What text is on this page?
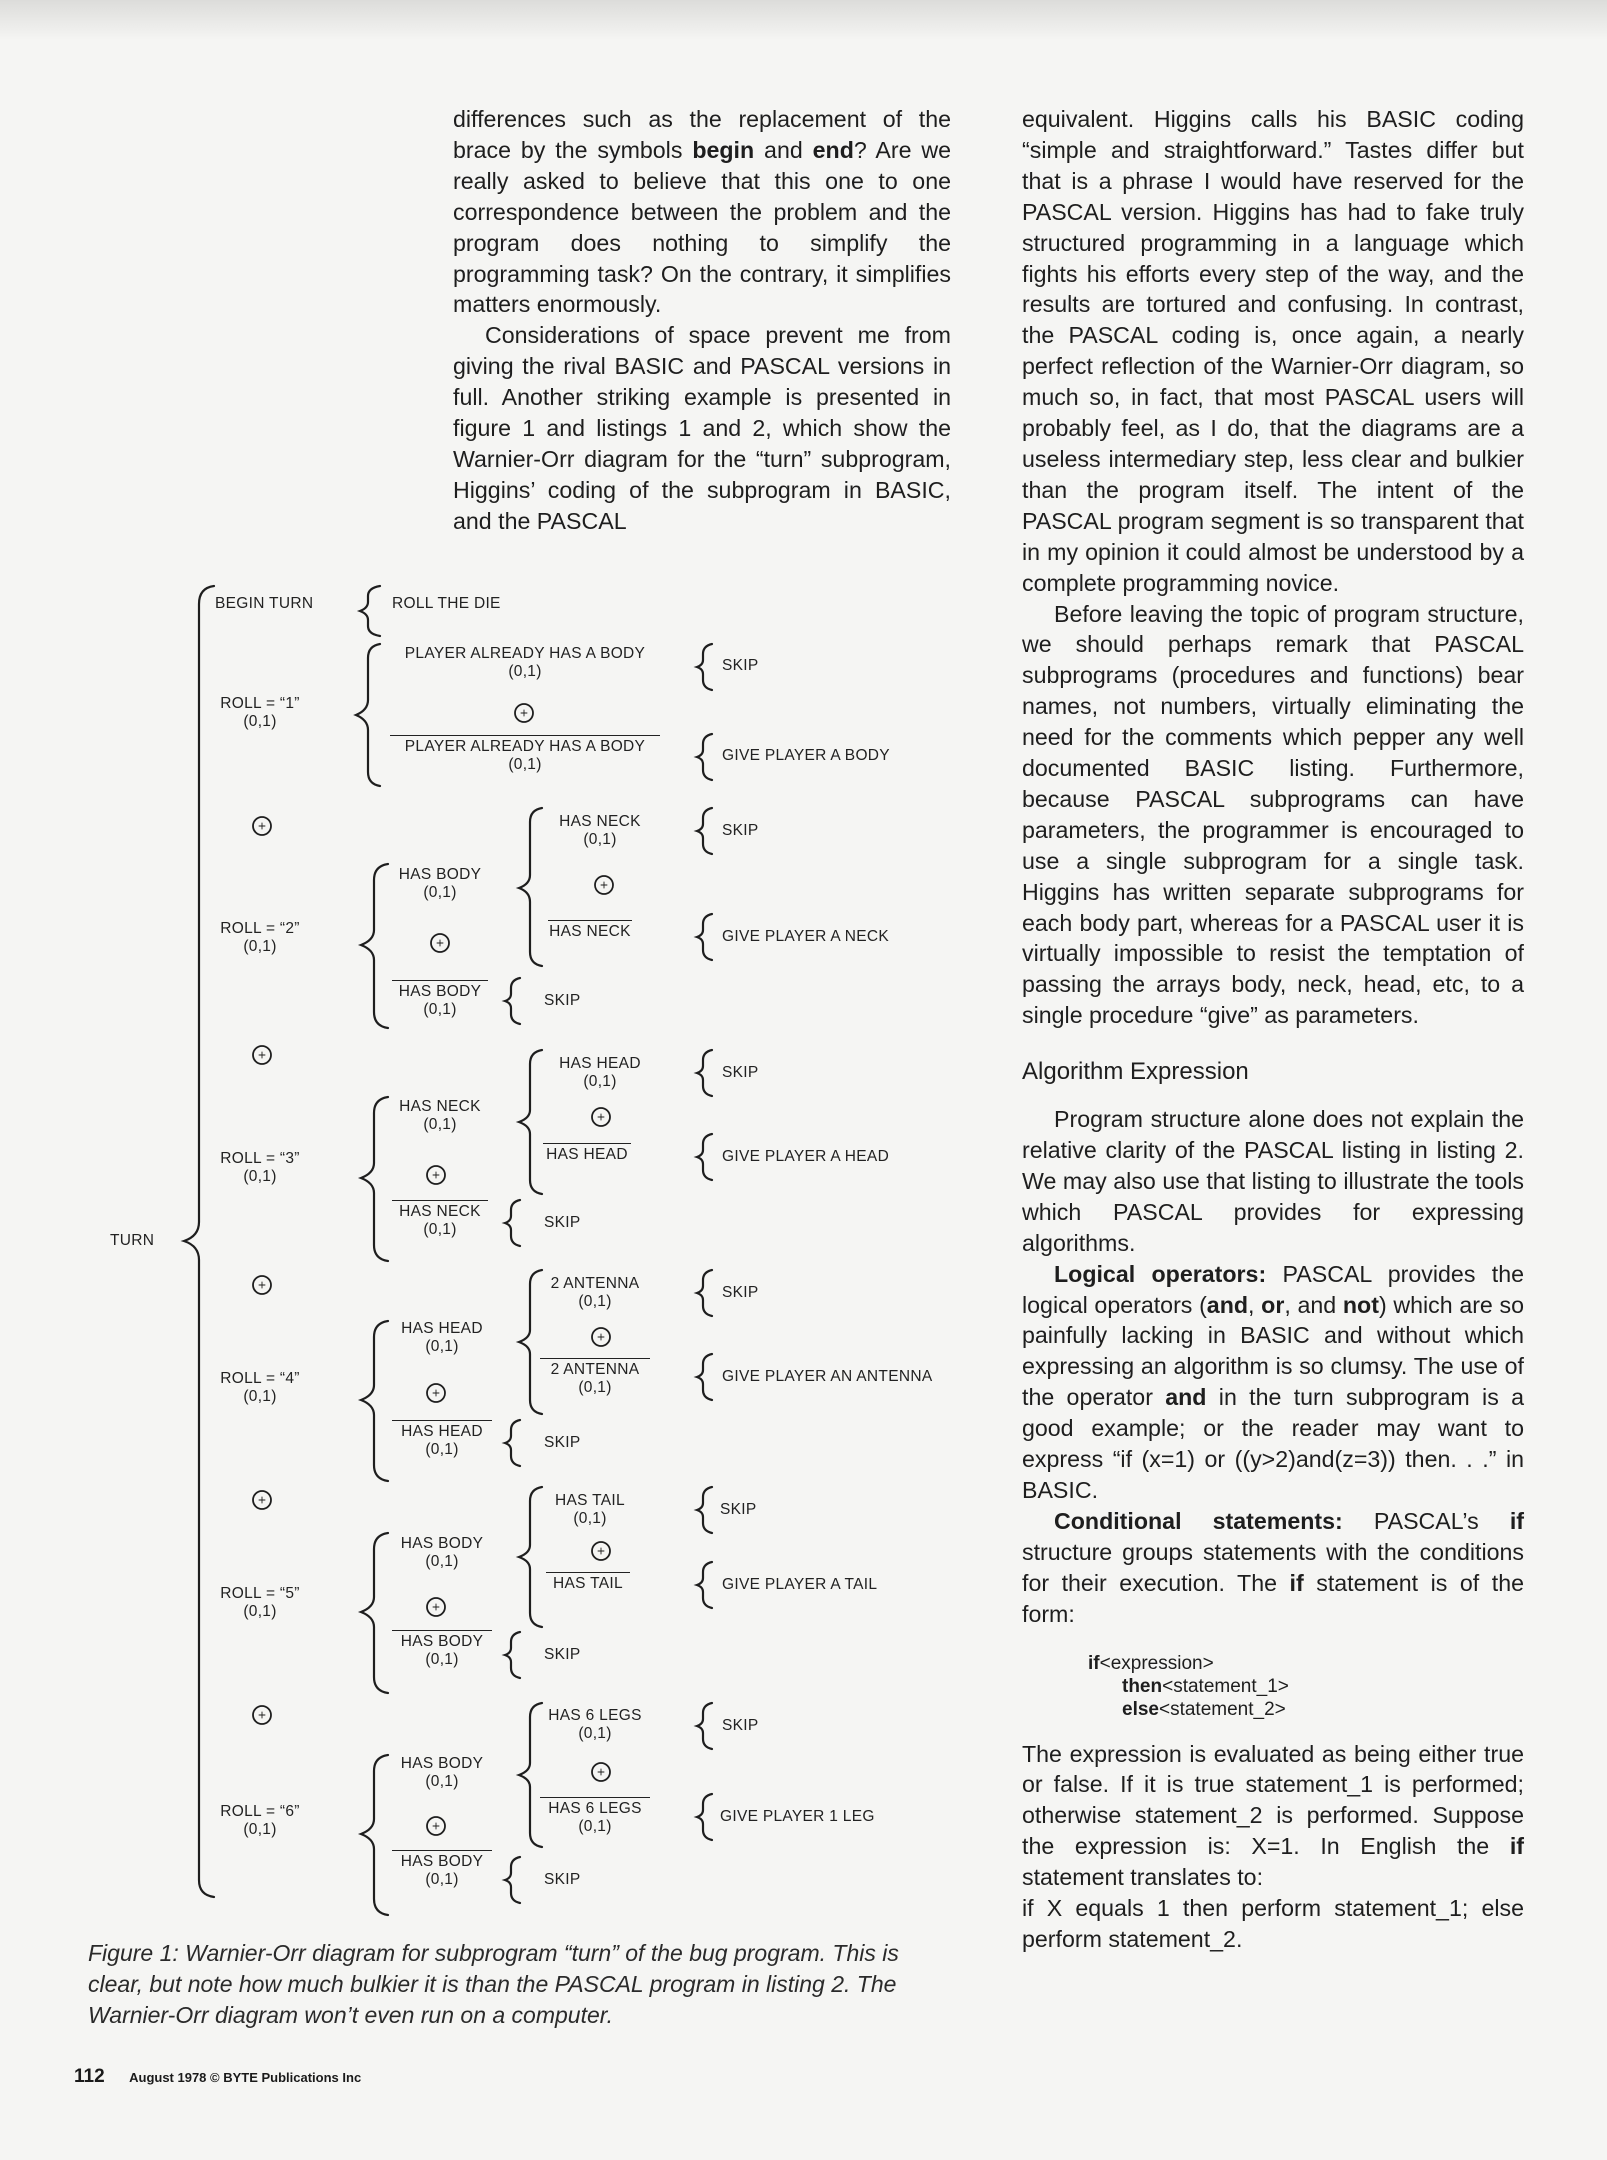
differences such as the replacement of the brace by the symbols begin and end? Are we really asked to believe that this one to one correspondence between the problem and the program does nothing to simplify the programming task? On the contrary, it simplifies matters enormously.

Considerations of space prevent me from giving the rival BASIC and PASCAL versions in full. Another striking example is presented in figure 1 and listings 1 and 2, which show the Warnier-Orr diagram for the “turn” subprogram, Higgins’ coding of the subprogram in BASIC, and the PASCAL

equivalent. Higgins calls his BASIC coding “simple and straightforward.” Tastes differ but that is a phrase I would have reserved for the PASCAL version. Higgins has had to fake truly structured programming in a language which fights his efforts every step of the way, and the results are tortured and confusing. In contrast, the PASCAL coding is, once again, a nearly perfect reflection of the Warnier-Orr diagram, so much so, in fact, that most PASCAL users will probably feel, as I do, that the diagrams are a useless intermediary step, less clear and bulkier than the program itself. The intent of the PASCAL program segment is so transparent that in my opinion it could almost be understood by a complete programming novice.

Before leaving the topic of program structure, we should perhaps remark that PASCAL subprograms (procedures and functions) bear names, not numbers, virtually eliminating the need for the comments which pepper any well documented BASIC listing. Furthermore, because PASCAL subprograms can have parameters, the programmer is encouraged to use a single subprogram for a single task. Higgins has written separate subprograms for each body part, whereas for a PASCAL user it is virtually impossible to resist the temptation of passing the arrays body, neck, head, etc, to a single procedure “give” as parameters.

Algorithm Expression

Program structure alone does not explain the relative clarity of the PASCAL listing in listing 2. We may also use that listing to illustrate the tools which PASCAL provides for expressing algorithms.

Logical operators: PASCAL provides the logical operators (and, or, and not) which are so painfully lacking in BASIC and without which expressing an algorithm is so clumsy. The use of the operator and in the turn subprogram is a good example; or the reader may want to express “if (x=1) or ((y>2)and(z=3)) then. . .” in BASIC.

Conditional statements: PASCAL’s if structure groups statements with the conditions for their execution. The if statement is of the form:

if<expression>
then<statement_1>
else<statement_2>

The expression is evaluated as being either true or false. If it is true statement_1 is performed; otherwise statement_2 is performed. Suppose the expression is: X=1. In English the if statement translates to:

if X equals 1 then perform statement_1; else perform statement_2.

TURN
BEGIN TURN	ROLL THE DIE
ROLL = “1”
(0,1)
ROLL = “2”
(0,1)
ROLL = “3”
(0,1)
ROLL = “4”
(0,1)
ROLL = “5”
(0,1)
ROLL = “6”
(0,1)
PLAYER ALREADY HAS A BODY
(0,1)
PLAYER ALREADY HAS A BODY
(0,1)
SKIP
GIVE PLAYER A BODY
HAS BODY
(0,1)
HAS BODY
(0,1)
HAS NECK
(0,1)
HAS NECK
SKIP
GIVE PLAYER A NECK
SKIP
HAS NECK
(0,1)
HAS NECK
(0,1)
HAS HEAD
(0,1)
HAS HEAD
SKIP
GIVE PLAYER A HEAD
SKIP
HAS HEAD
(0,1)
HAS HEAD
(0,1)
2 ANTENNA
(0,1)
2 ANTENNA
(0,1)
SKIP
GIVE PLAYER AN ANTENNA
SKIP
HAS BODY
(0,1)
HAS BODY
(0,1)
HAS TAIL
(0,1)
HAS TAIL
SKIP
GIVE PLAYER A TAIL
SKIP
HAS BODY
(0,1)
HAS BODY
(0,1)
HAS 6 LEGS
(0,1)
HAS 6 LEGS
(0,1)
SKIP
GIVE PLAYER 1 LEG
SKIP
Figure 1: Warnier-Orr diagram for subprogram “turn” of the bug program. This is clear, but note how much bulkier it is than the PASCAL program in listing 2. The Warnier-Orr diagram won’t even run on a computer.
112 August 1978 © BYTE Publications Inc
